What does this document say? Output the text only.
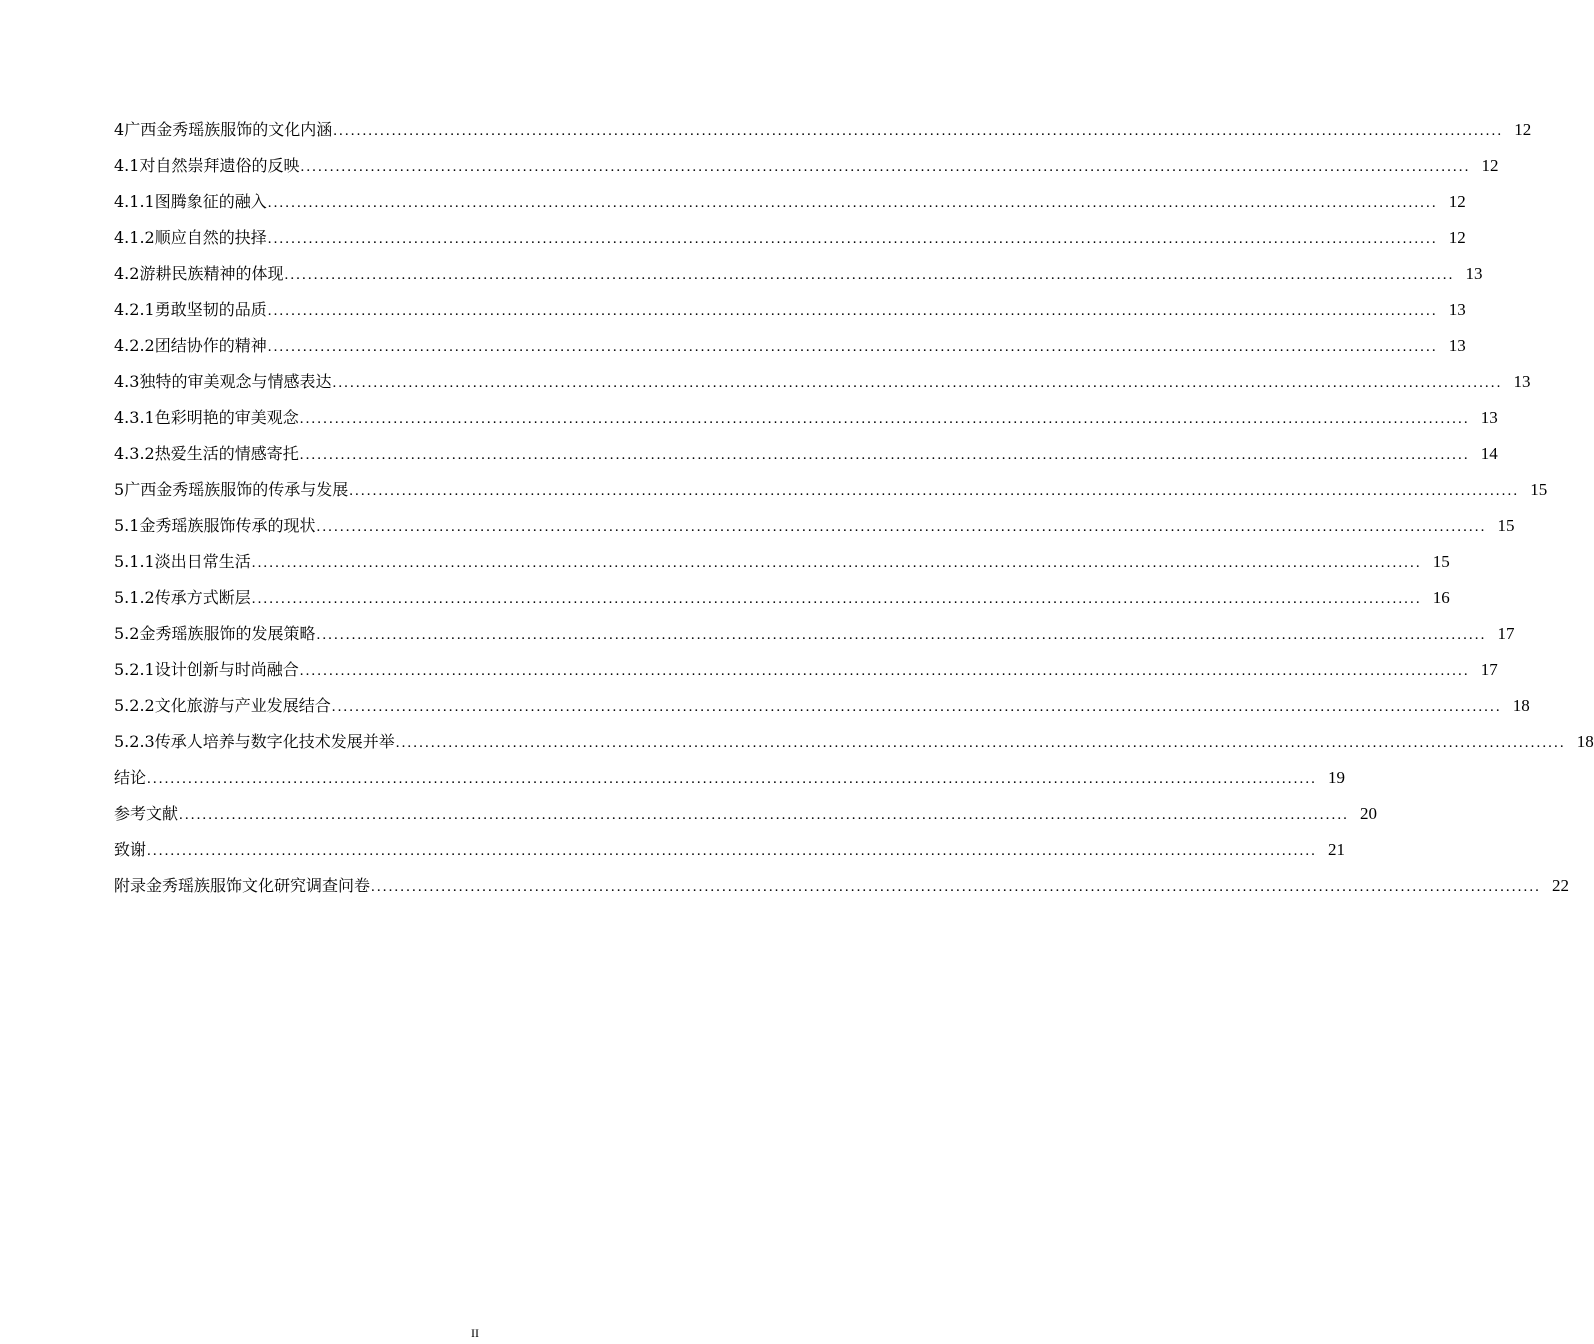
4 广西金秀瑶族服饰的文化内涵 ........................................................................................................................................................................................................ 12
4.1 对自然崇拜遗俗的反映 ........................................................................................................................................................................................................ 12
4.1.1 图腾象征的融入 ........................................................................................................................................................................................................ 12
4.1.2 顺应自然的抉择 ........................................................................................................................................................................................................ 12
4.2 游耕民族精神的体现 ........................................................................................................................................................................................................ 13
4.2.1 勇敢坚韧的品质 ........................................................................................................................................................................................................ 13
4.2.2 团结协作的精神 ........................................................................................................................................................................................................ 13
4.3 独特的审美观念与情感表达 ........................................................................................................................................................................................................ 13
4.3.1 色彩明艳的审美观念 ........................................................................................................................................................................................................ 13
4.3.2 热爱生活的情感寄托 ........................................................................................................................................................................................................ 14
5 广西金秀瑶族服饰的传承与发展 ........................................................................................................................................................................................................ 15
5.1 金秀瑶族服饰传承的现状 ........................................................................................................................................................................................................ 15
5.1.1 淡出日常生活 ........................................................................................................................................................................................................ 15
5.1.2 传承方式断层 ........................................................................................................................................................................................................ 16
5.2 金秀瑶族服饰的发展策略 ........................................................................................................................................................................................................ 17
5.2.1 设计创新与时尚融合 ........................................................................................................................................................................................................ 17
5.2.2 文化旅游与产业发展结合 ........................................................................................................................................................................................................ 18
5.2.3 传承人培养与数字化技术发展并举 ........................................................................................................................................................................................................ 18
结论 ........................................................................................................................................................................................................ 19
参考文献 ........................................................................................................................................................................................................ 20
致 谢 ........................................................................................................................................................................................................ 21
附录 金秀瑶族服饰文化研究调查问卷 ........................................................................................................................................................................................................ 22
II
